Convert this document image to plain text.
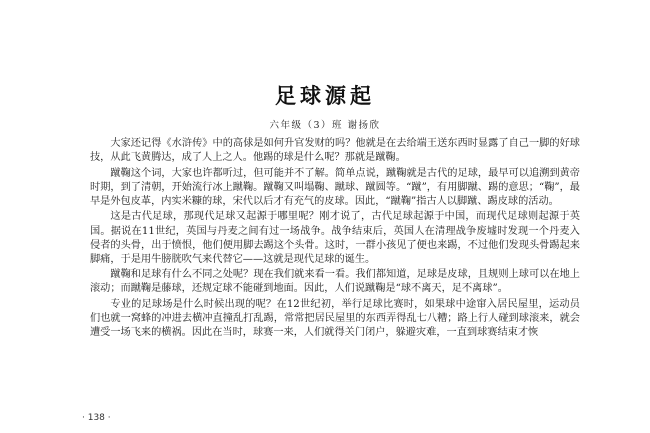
足球源起
六年级（3）班 谢扬欣

大家还记得《水浒传》中的高俅是如何升官发财的吗？他就是在去给端王送东西时显露了自己一脚的好球技，从此飞黄腾达，成了人上之人。他踢的球是什么呢？那就是蹴鞠。

蹴鞠这个词，大家也许都听过，但可能并不了解。简单点说，蹴鞠就是古代的足球，最早可以追溯到黄帝时期，到了清朝，开始流行冰上蹴鞠。蹴鞠又叫塌鞠、蹴球、蹴圆等。“蹴”，有用脚蹴、踢的意思；“鞠”，最早是外包皮革，内实米糠的球，宋代以后才有充气的皮球。因此，“蹴鞠”指古人以脚蹴、踢皮球的活动。

这是古代足球，那现代足球又起源于哪里呢？刚才说了，古代足球起源于中国，而现代足球则起源于英国。据说在11世纪，英国与丹麦之间有过一场战争。战争结束后，英国人在清理战争废墟时发现一个丹麦入侵者的头骨，出于愤恨，他们便用脚去踢这个头骨。这时，一群小孩见了便也来踢，不过他们发现头骨踢起来脚痛，于是用牛膀胱吹气来代替它——这就是现代足球的诞生。

蹴鞠和足球有什么不同之处呢？现在我们就来看一看。我们都知道，足球是皮球，且规则上球可以在地上滚动；而蹴鞠是藤球，还规定球不能碰到地面。因此，人们说蹴鞠是“球不离天，足不离球”。

专业的足球场是什么时候出现的呢？在12世纪初，举行足球比赛时，如果球中途窜入居民屋里，运动员们也就一窝蜂的冲进去横冲直撞乱打乱踢，常常把居民屋里的东西弄得乱七八糟；路上行人碰到球滚来，就会遭受一场飞来的横祸。因此在当时，球赛一来，人们就得关门闭户，躲避灾难，一直到球赛结束才恢

· 138 ·
